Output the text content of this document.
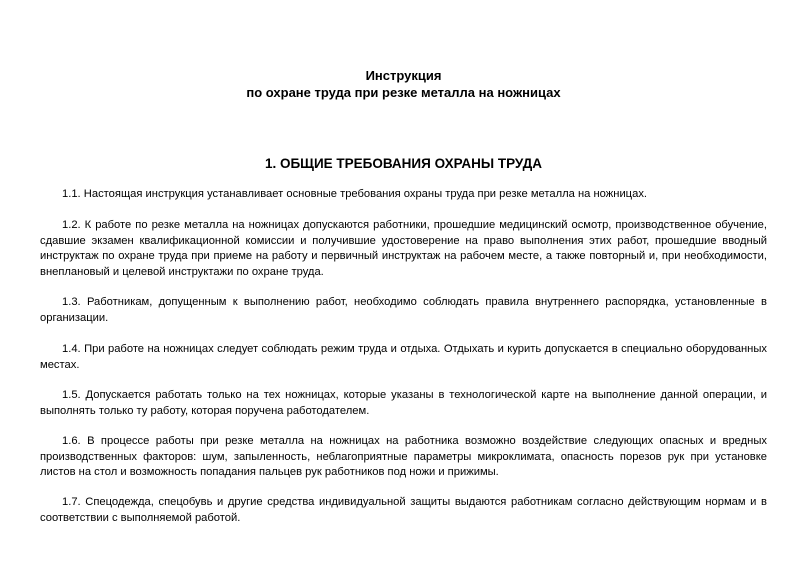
Инструкция

по охране труда при резке металла на ножницах

1. ОБЩИЕ ТРЕБОВАНИЯ ОХРАНЫ ТРУДА

1.1. Настоящая инструкция устанавливает основные требования охраны труда при резке металла на ножницах.

1.2. К работе по резке металла на ножницах допускаются работники, прошедшие медицинский осмотр, производственное обучение, сдавшие экзамен квалификационной комиссии и получившие удостоверение на право выполнения этих работ, прошедшие вводный инструктаж по охране труда при приеме на работу и первичный инструктаж на рабочем месте, а также повторный и, при необходимости, внеплановый и целевой инструктажи по охране труда.

1.3. Работникам, допущенным к выполнению работ, необходимо соблюдать правила внутреннего распорядка, установленные в организации.

1.4. При работе на ножницах следует соблюдать режим труда и отдыха. Отдыхать и курить допускается в специально оборудованных местах.

1.5. Допускается работать только на тех ножницах, которые указаны в технологической карте на выполнение данной операции, и выполнять только ту работу, которая поручена работодателем.

1.6. В процессе работы при резке металла на ножницах на работника возможно воздействие следующих опасных и вредных производственных факторов: шум, запыленность, неблагоприятные параметры микроклимата, опасность порезов рук при установке листов на стол и возможность попадания пальцев рук работников под ножи и прижимы.

1.7. Спецодежда, спецобувь и другие средства индивидуальной защиты выдаются работникам согласно действующим нормам и в соответствии с выполняемой работой.
